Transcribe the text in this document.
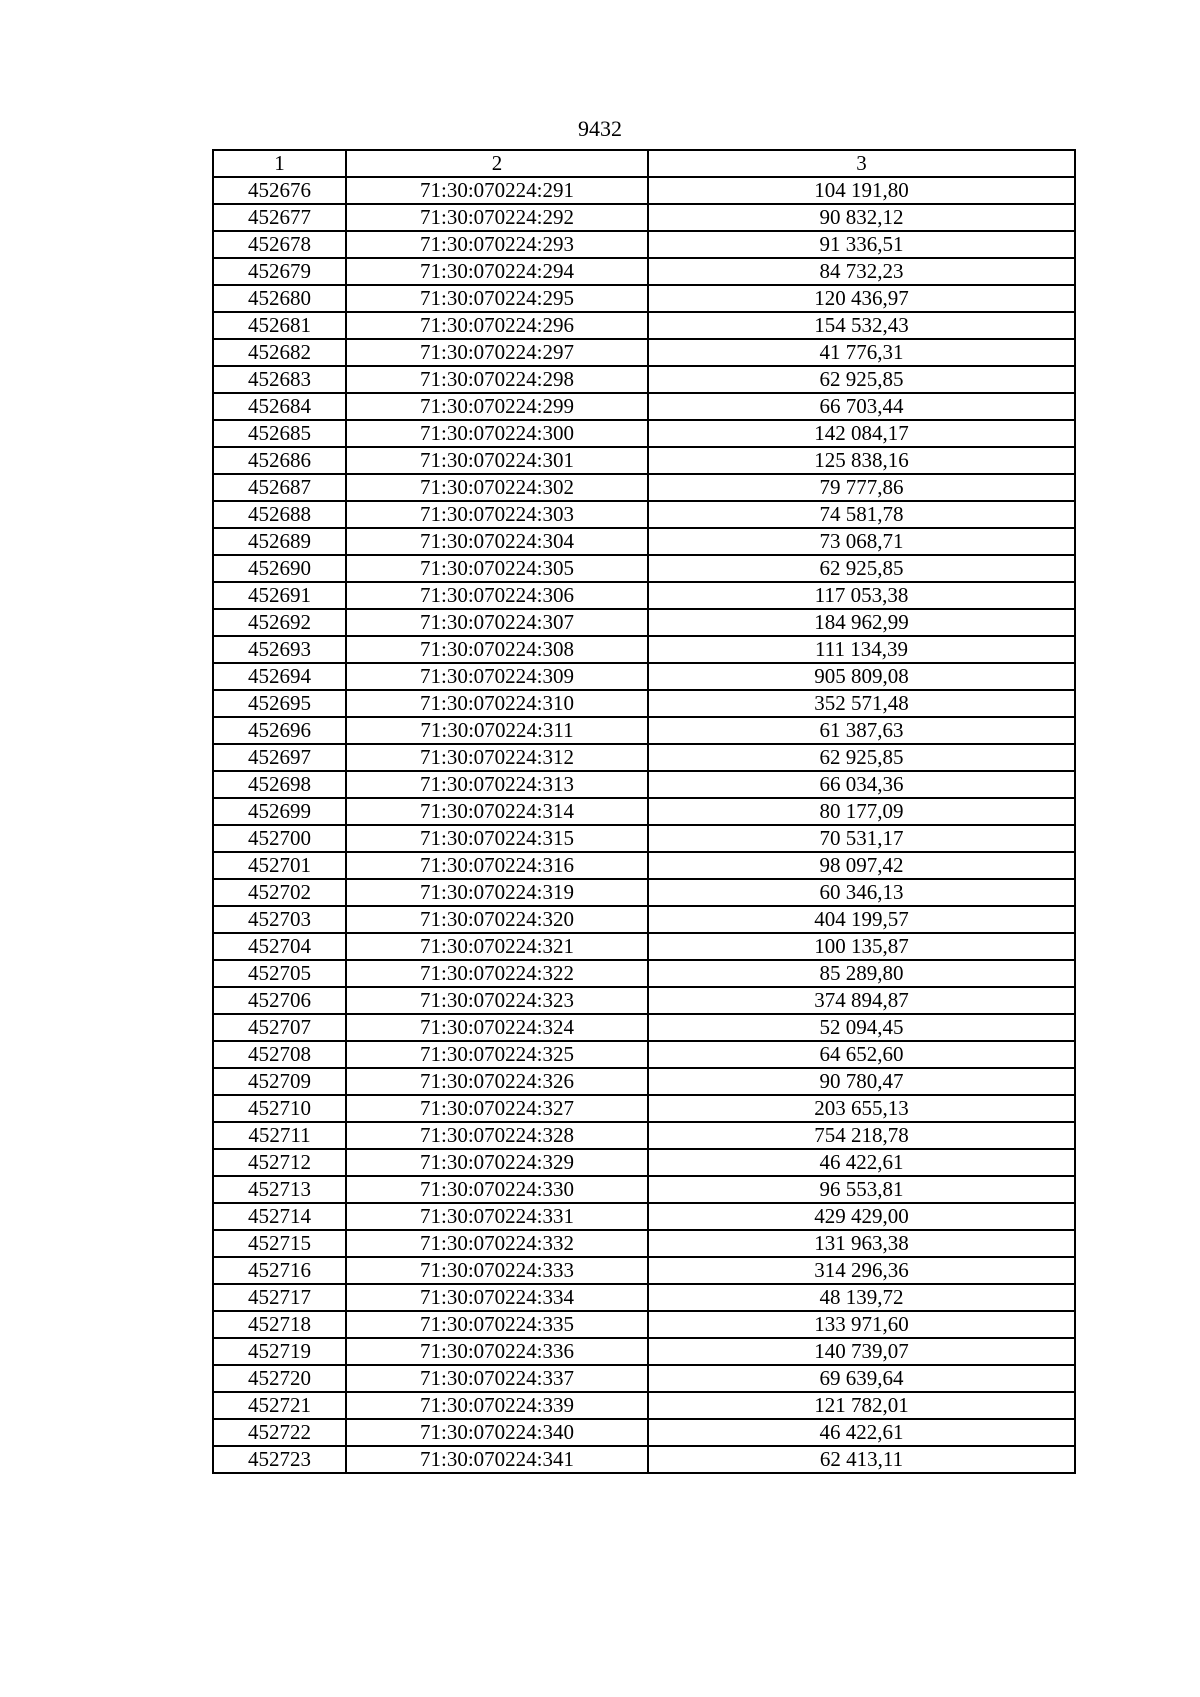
9432
1	2	3
452676	71:30:070224:291	104 191,80
452677	71:30:070224:292	90 832,12
452678	71:30:070224:293	91 336,51
452679	71:30:070224:294	84 732,23
452680	71:30:070224:295	120 436,97
452681	71:30:070224:296	154 532,43
452682	71:30:070224:297	41 776,31
452683	71:30:070224:298	62 925,85
452684	71:30:070224:299	66 703,44
452685	71:30:070224:300	142 084,17
452686	71:30:070224:301	125 838,16
452687	71:30:070224:302	79 777,86
452688	71:30:070224:303	74 581,78
452689	71:30:070224:304	73 068,71
452690	71:30:070224:305	62 925,85
452691	71:30:070224:306	117 053,38
452692	71:30:070224:307	184 962,99
452693	71:30:070224:308	111 134,39
452694	71:30:070224:309	905 809,08
452695	71:30:070224:310	352 571,48
452696	71:30:070224:311	61 387,63
452697	71:30:070224:312	62 925,85
452698	71:30:070224:313	66 034,36
452699	71:30:070224:314	80 177,09
452700	71:30:070224:315	70 531,17
452701	71:30:070224:316	98 097,42
452702	71:30:070224:319	60 346,13
452703	71:30:070224:320	404 199,57
452704	71:30:070224:321	100 135,87
452705	71:30:070224:322	85 289,80
452706	71:30:070224:323	374 894,87
452707	71:30:070224:324	52 094,45
452708	71:30:070224:325	64 652,60
452709	71:30:070224:326	90 780,47
452710	71:30:070224:327	203 655,13
452711	71:30:070224:328	754 218,78
452712	71:30:070224:329	46 422,61
452713	71:30:070224:330	96 553,81
452714	71:30:070224:331	429 429,00
452715	71:30:070224:332	131 963,38
452716	71:30:070224:333	314 296,36
452717	71:30:070224:334	48 139,72
452718	71:30:070224:335	133 971,60
452719	71:30:070224:336	140 739,07
452720	71:30:070224:337	69 639,64
452721	71:30:070224:339	121 782,01
452722	71:30:070224:340	46 422,61
452723	71:30:070224:341	62 413,11
